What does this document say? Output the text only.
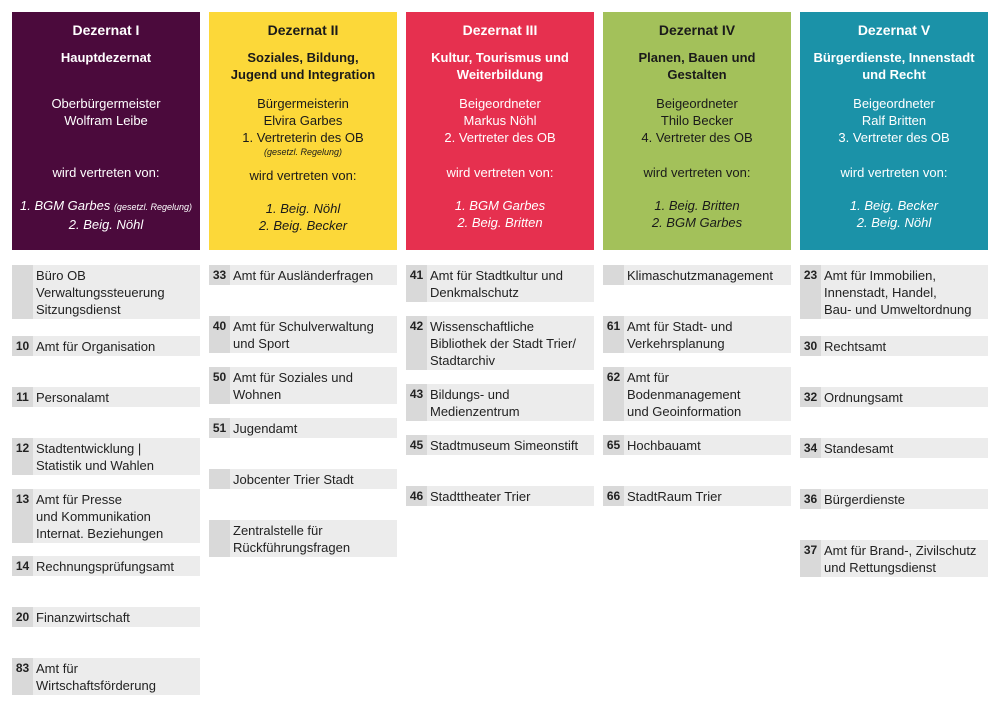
Dezernat I
Hauptdezernat
Oberbürgermeister
Wolfram Leibe
wird vertreten von:
1. BGM Garbes (gesetzl. Regelung)
2. Beig. Nöhl
Büro OB
Verwaltungssteuerung
Sitzungsdienst
10 Amt für Organisation
11 Personalamt
12 Stadtentwicklung |
Statistik und Wahlen
13 Amt für Presse
und Kommunikation
Internat. Beziehungen
14 Rechnungsprüfungsamt
20 Finanzwirtschaft
83 Amt für
Wirtschaftsförderung
Dezernat II
Soziales, Bildung,
Jugend und Integration
Bürgermeisterin
Elvira Garbes
1. Vertreterin des OB
(gesetzl. Regelung)
wird vertreten von:
1. Beig. Nöhl
2. Beig. Becker
33 Amt für Ausländerfragen
40 Amt für Schulverwaltung
und Sport
50 Amt für Soziales und
Wohnen
51 Jugendamt
Jobcenter Trier Stadt
Zentralstelle für
Rückführungsfragen
Dezernat III
Kultur, Tourismus und
Weiterbildung
Beigeordneter
Markus Nöhl
2. Vertreter des OB
wird vertreten von:
1. BGM Garbes
2. Beig. Britten
41 Amt für Stadtkultur und
Denkmalschutz
42 Wissenschaftliche
Bibliothek der Stadt Trier/
Stadtarchiv
43 Bildungs- und
Medienzentrum
45 Stadtmuseum Simeonstift
46 Stadttheater Trier
Dezernat IV
Planen, Bauen und
Gestalten
Beigeordneter
Thilo Becker
4. Vertreter des OB
wird vertreten von:
1. Beig. Britten
2. BGM Garbes
Klimaschutzmanagement
61 Amt für Stadt- und
Verkehrsplanung
62 Amt für
Bodenmanagement
und Geoinformation
65 Hochbauamt
66 StadtRaum Trier
Dezernat V
Bürgerdienste, Innenstadt
und Recht
Beigeordneter
Ralf Britten
3. Vertreter des OB
wird vertreten von:
1. Beig. Becker
2. Beig. Nöhl
23 Amt für Immobilien,
Innenstadt, Handel,
Bau- und Umweltordnung
30 Rechtsamt
32 Ordnungsamt
34 Standesamt
36 Bürgerdienste
37 Amt für Brand-, Zivilschutz
und Rettungsdienst
